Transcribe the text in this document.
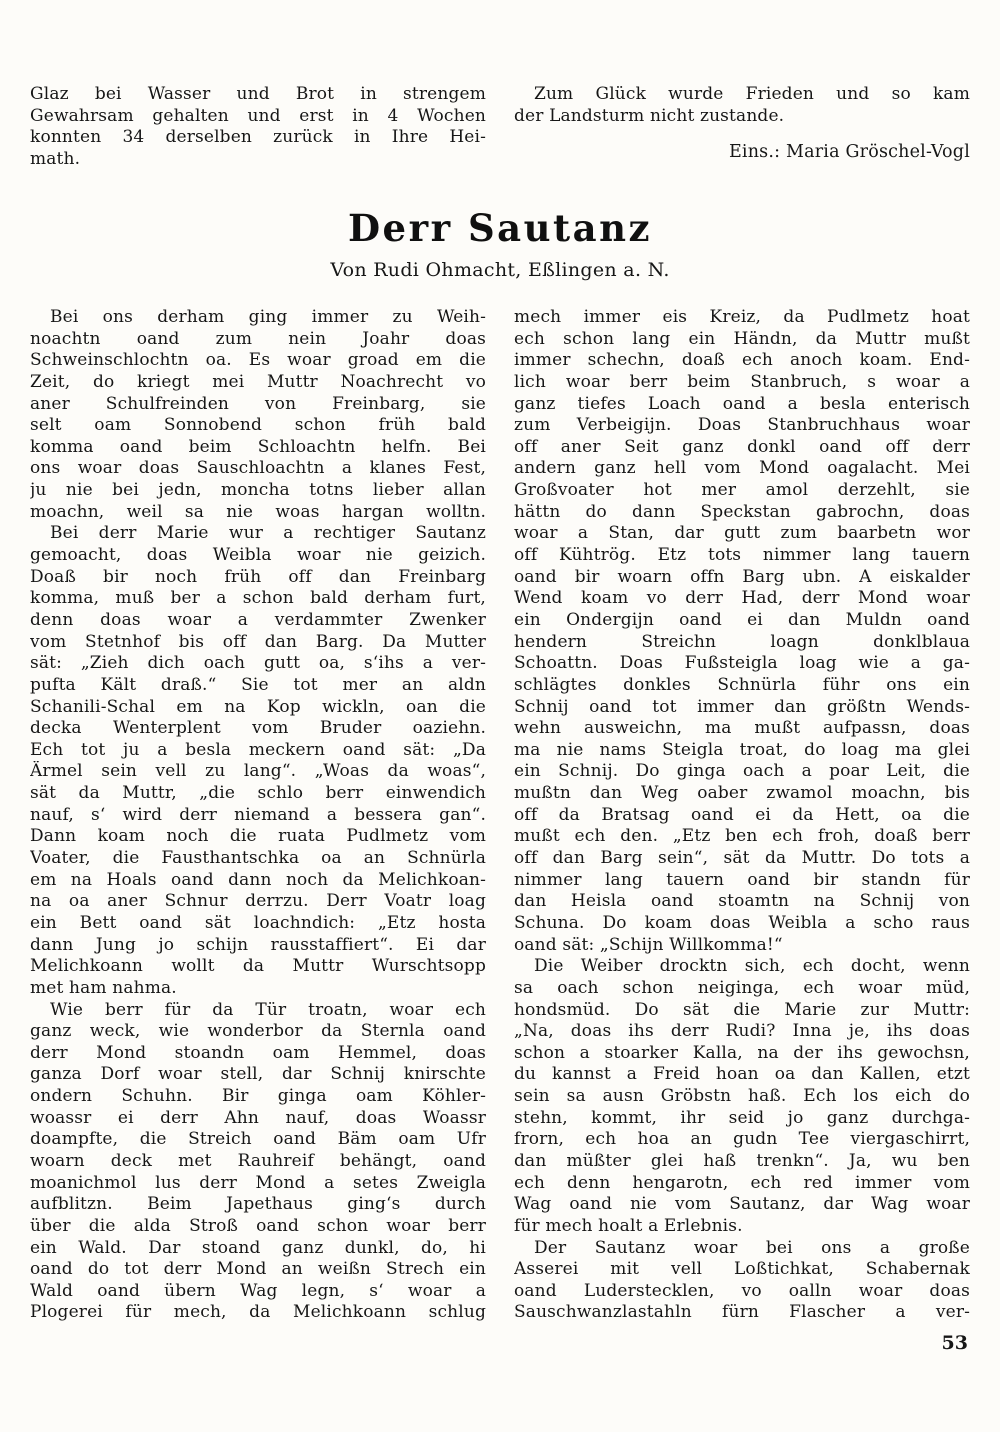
Glaz bei Wasser und Brot in strengem
Gewahrsam gehalten und erst in 4 Wochen
konnten 34 derselben zurück in Ihre Hei-
math.
Zum Glück wurde Frieden und so kam
der Landsturm nicht zustande.
Eins.: Maria Gröschel-Vogl
Derr Sautanz
Von Rudi Ohmacht, Eßlingen a. N.
Bei ons derham ging immer zu Weih-
noachtn oand zum nein Joahr doas
Schweinschlochtn oa. Es woar groad em die
Zeit, do kriegt mei Muttr Noachrecht vo
aner Schulfreinden von Freinbarg, sie
selt oam Sonnobend schon früh bald
komma oand beim Schloachtn helfn. Bei
ons woar doas Sauschloachtn a klanes Fest,
ju nie bei jedn, moncha totns lieber allan
moachn, weil sa nie woas hargan wolltn.
Bei derr Marie wur a rechtiger Sautanz
gemoacht, doas Weibla woar nie geizich.
Doaß bir noch früh off dan Freinbarg
komma, muß ber a schon bald derham furt,
denn doas woar a verdammter Zwenker
vom Stetnhof bis off dan Barg. Da Mutter
sät: „Zieh dich oach gutt oa, s‘ihs a ver-
pufta Kält draß.“ Sie tot mer an aldn
Schanili-Schal em na Kop wickln, oan die
decka Wenterplent vom Bruder oaziehn.
Ech tot ju a besla meckern oand sät: „Da
Ärmel sein vell zu lang“. „Woas da woas“,
sät da Muttr, „die schlo berr einwendich
nauf, s‘ wird derr niemand a bessera gan“.
Dann koam noch die ruata Pudlmetz vom
Voater, die Fausthantschka oa an Schnürla
em na Hoals oand dann noch da Melichkoan-
na oa aner Schnur derrzu. Derr Voatr loag
ein Bett oand sät loachndich: „Etz hosta
dann Jung jo schijn rausstaffiert“. Ei dar
Melichkoann wollt da Muttr Wurschtsopp
met ham nahma.
Wie berr für da Tür troatn, woar ech
ganz weck, wie wonderbor da Sternla oand
derr Mond stoandn oam Hemmel, doas
ganza Dorf woar stell, dar Schnij knirschte
ondern Schuhn. Bir ginga oam Köhler-
woassr ei derr Ahn nauf, doas Woassr
doampfte, die Streich oand Bäm oam Ufr
woarn deck met Rauhreif behängt, oand
moanichmol lus derr Mond a setes Zweigla
aufblitzn. Beim Japethaus ging‘s durch
über die alda Stroß oand schon woar berr
ein Wald. Dar stoand ganz dunkl, do, hi
oand do tot derr Mond an weißn Strech ein
Wald oand übern Wag legn, s‘ woar a
Plogerei für mech, da Melichkoann schlug
mech immer eis Kreiz, da Pudlmetz hoat
ech schon lang ein Händn, da Muttr mußt
immer schechn, doaß ech anoch koam. End-
lich woar berr beim Stanbruch, s woar a
ganz tiefes Loach oand a besla enterisch
zum Verbeigijn. Doas Stanbruchhaus woar
off aner Seit ganz donkl oand off derr
andern ganz hell vom Mond oagalacht. Mei
Großvoater hot mer amol derzehlt, sie
hättn do dann Speckstan gabrochn, doas
woar a Stan, dar gutt zum baarbetn wor
off Kühtrög. Etz tots nimmer lang tauern
oand bir woarn offn Barg ubn. A eiskalder
Wend koam vo derr Had, derr Mond woar
ein Ondergijn oand ei dan Muldn oand
hendern Streichn loagn donklblaua
Schoattn. Doas Fußsteigla loag wie a ga-
schlägtes donkles Schnürla führ ons ein
Schnij oand tot immer dan größtn Wends-
wehn ausweichn, ma mußt aufpassn, doas
ma nie nams Steigla troat, do loag ma glei
ein Schnij. Do ginga oach a poar Leit, die
mußtn dan Weg oaber zwamol moachn, bis
off da Bratsag oand ei da Hett, oa die
mußt ech den. „Etz ben ech froh, doaß berr
off dan Barg sein“, sät da Muttr. Do tots a
nimmer lang tauern oand bir standn für
dan Heisla oand stoamtn na Schnij von
Schuna. Do koam doas Weibla a scho raus
oand sät: „Schijn Willkomma!“
Die Weiber drocktn sich, ech docht, wenn
sa oach schon neiginga, ech woar müd,
hondsmüd. Do sät die Marie zur Muttr:
„Na, doas ihs derr Rudi? Inna je, ihs doas
schon a stoarker Kalla, na der ihs gewochsn,
du kannst a Freid hoan oa dan Kallen, etzt
sein sa ausn Gröbstn haß. Ech los eich do
stehn, kommt, ihr seid jo ganz durchga-
frorn, ech hoa an gudn Tee viergaschirrt,
dan müßter glei haß trenkn“. Ja, wu ben
ech denn hengarotn, ech red immer vom
Wag oand nie vom Sautanz, dar Wag woar
für mech hoalt a Erlebnis.
Der Sautanz woar bei ons a große
Asserei mit vell Loßtichkat, Schabernak
oand Luderstecklen, vo oalln woar doas
Sauschwanzlastahln fürn Flascher a ver-
53
